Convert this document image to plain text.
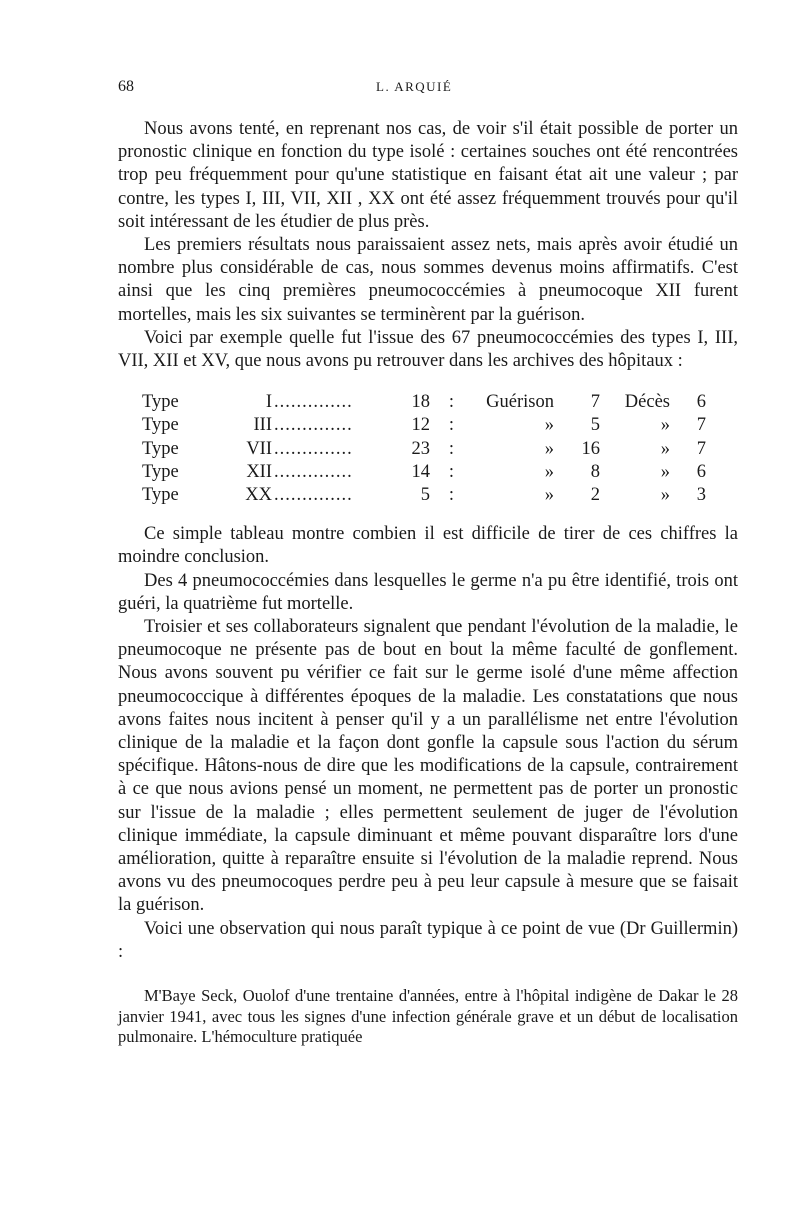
68	L. ARQUIÉ

Nous avons tenté, en reprenant nos cas, de voir s'il était possible de porter un pronostic clinique en fonction du type isolé : certaines souches ont été rencontrées trop peu fréquemment pour qu'une statistique en faisant état ait une valeur ; par contre, les types I, III, VII, XII , XX ont été assez fréquemment trouvés pour qu'il soit intéressant de les étudier de plus près.

Les premiers résultats nous paraissaient assez nets, mais après avoir étudié un nombre plus considérable de cas, nous sommes devenus moins affirmatifs. C'est ainsi que les cinq premières pneumococcémies à pneumocoque XII furent mortelles, mais les six suivantes se terminèrent par la guérison.

Voici par exemple quelle fut l'issue des 67 pneumococcémies des types I, III, VII, XII et XV, que nous avons pu retrouver dans les archives des hôpitaux :

Type	I ..............	18	:	Guérison	7	Décès	6
Type	III ..............	12	:	»	5	»	7
Type	VII ..............	23	:	»	16	»	7
Type	XII ..............	14	:	»	8	»	6
Type	XX ..............	5	:	»	2	»	3

Ce simple tableau montre combien il est difficile de tirer de ces chiffres la moindre conclusion.

Des 4 pneumococcémies dans lesquelles le germe n'a pu être identifié, trois ont guéri, la quatrième fut mortelle.

Troisier et ses collaborateurs signalent que pendant l'évolution de la maladie, le pneumocoque ne présente pas de bout en bout la même faculté de gonflement. Nous avons souvent pu vérifier ce fait sur le germe isolé d'une même affection pneumococcique à différentes époques de la maladie. Les constatations que nous avons faites nous incitent à penser qu'il y a un parallélisme net entre l'évolution clinique de la maladie et la façon dont gonfle la capsule sous l'action du sérum spécifique. Hâtons-nous de dire que les modifications de la capsule, contrairement à ce que nous avions pensé un moment, ne permettent pas de porter un pronostic sur l'issue de la maladie ; elles permettent seulement de juger de l'évolution clinique immédiate, la capsule diminuant et même pouvant disparaître lors d'une amélioration, quitte à reparaître ensuite si l'évolution de la maladie reprend. Nous avons vu des pneumocoques perdre peu à peu leur capsule à mesure que se faisait la guérison.

Voici une observation qui nous paraît typique à ce point de vue (Dr Guillermin) :

M'Baye Seck, Ouolof d'une trentaine d'années, entre à l'hôpital indigène de Dakar le 28 janvier 1941, avec tous les signes d'une infection générale grave et un début de localisation pulmonaire. L'hémoculture pratiquée
